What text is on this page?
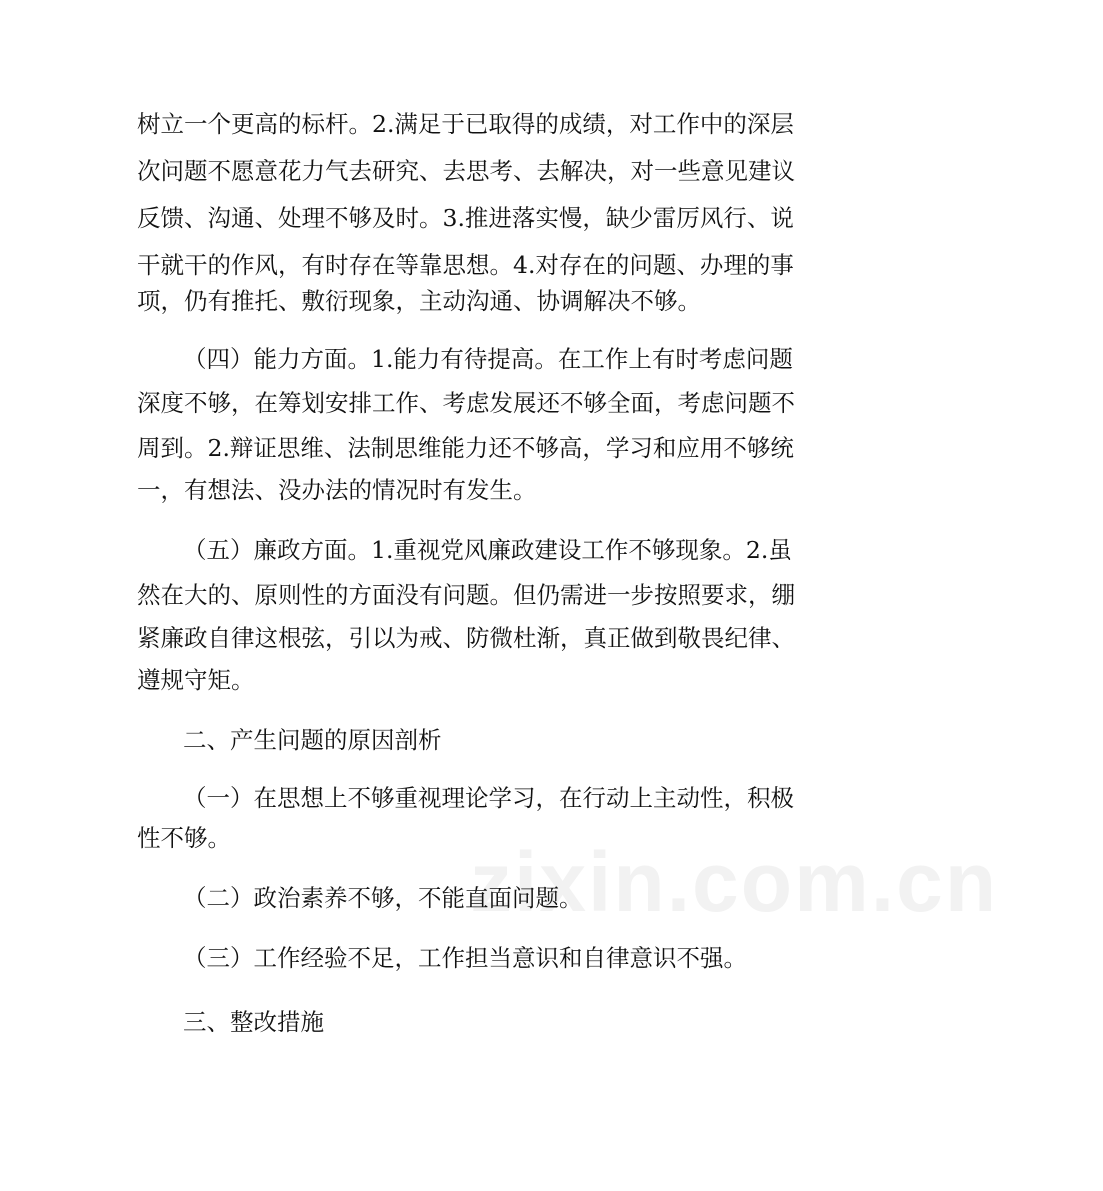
zixin.com.cn
树立一个更高的标杆。2.满足于已取得的成绩，对工作中的深层
次问题不愿意花力气去研究、去思考、去解决，对一些意见建议
反馈、沟通、处理不够及时。3.推进落实慢，缺少雷厉风行、说
干就干的作风，有时存在等靠思想。4.对存在的问题、办理的事
项，仍有推托、敷衍现象，主动沟通、协调解决不够。
（四）能力方面。1.能力有待提高。在工作上有时考虑问题
深度不够，在筹划安排工作、考虑发展还不够全面，考虑问题不
周到。2.辩证思维、法制思维能力还不够高，学习和应用不够统
一，有想法、没办法的情况时有发生。
（五）廉政方面。1.重视党风廉政建设工作不够现象。2.虽
然在大的、原则性的方面没有问题。但仍需进一步按照要求，绷
紧廉政自律这根弦，引以为戒、防微杜渐，真正做到敬畏纪律、
遵规守矩。
二、产生问题的原因剖析
（一）在思想上不够重视理论学习，在行动上主动性，积极
性不够。
（二）政治素养不够，不能直面问题。
（三）工作经验不足，工作担当意识和自律意识不强。
三、整改措施
